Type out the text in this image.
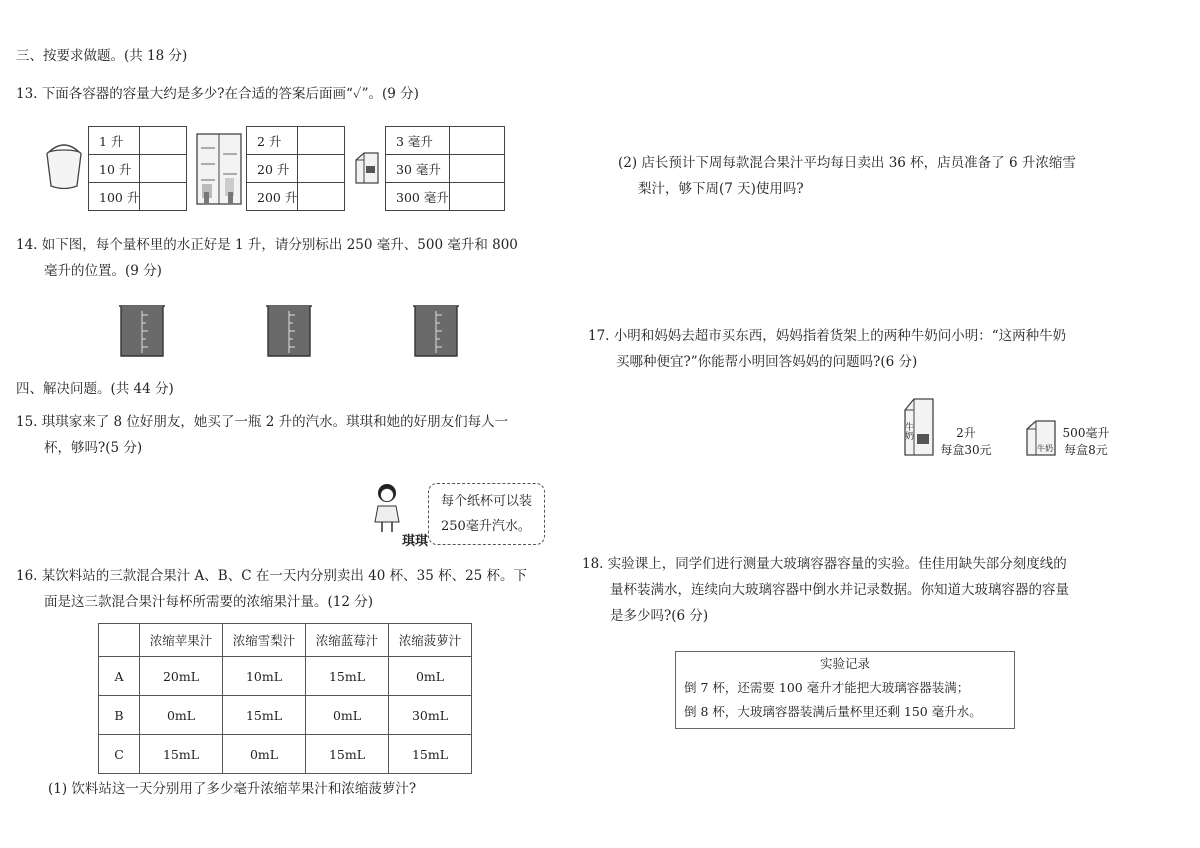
三、按要求做题。(共 18 分)
13. 下面各容器的容量大约是多少?在合适的答案后面画“✓”。(9 分)
1 升	
10 升	
100 升	
2 升	
20 升	
200 升	
3 毫升	
30 毫升	
300 毫升	
14. 如下图，每个量杯里的水正好是 1 升，请分别标出 250 毫升、500 毫升和 800
毫升的位置。(9 分)
四、解决问题。(共 44 分)
15. 琪琪家来了 8 位好朋友，她买了一瓶 2 升的汽水。琪琪和她的好朋友们每人一
杯，够吗?(5 分)
琪琪
每个纸杯可以装
250毫升汽水。
16. 某饮料站的三款混合果汁 A、B、C 在一天内分别卖出 40 杯、35 杯、25 杯。下
面是这三款混合果汁每杯所需要的浓缩果汁量。(12 分)
	浓缩苹果汁	浓缩雪梨汁	浓缩蓝莓汁	浓缩菠萝汁
A	20mL	10mL	15mL	0mL
B	0mL	15mL	0mL	30mL
C	15mL	0mL	15mL	15mL
(1) 饮料站这一天分别用了多少毫升浓缩苹果汁和浓缩菠萝汁?
(2) 店长预计下周每款混合果汁平均每日卖出 36 杯，店员准备了 6 升浓缩雪
梨汁，够下周(7 天)使用吗?
17. 小明和妈妈去超市买东西，妈妈指着货架上的两种牛奶问小明：“这两种牛奶
买哪种便宜?”你能帮小明回答妈妈的问题吗?(6 分)
牛奶	2升
每盒30元	牛奶
500毫升
每盒8元
18. 实验课上，同学们进行测量大玻璃容器容量的实验。佳佳用缺失部分刻度线的
量杯装满水，连续向大玻璃容器中倒水并记录数据。你知道大玻璃容器的容量
是多少吗?(6 分)
实验记录
倒 7 杯，还需要 100 毫升才能把大玻璃容器装满；
倒 8 杯，大玻璃容器装满后量杯里还剩 150 毫升水。
